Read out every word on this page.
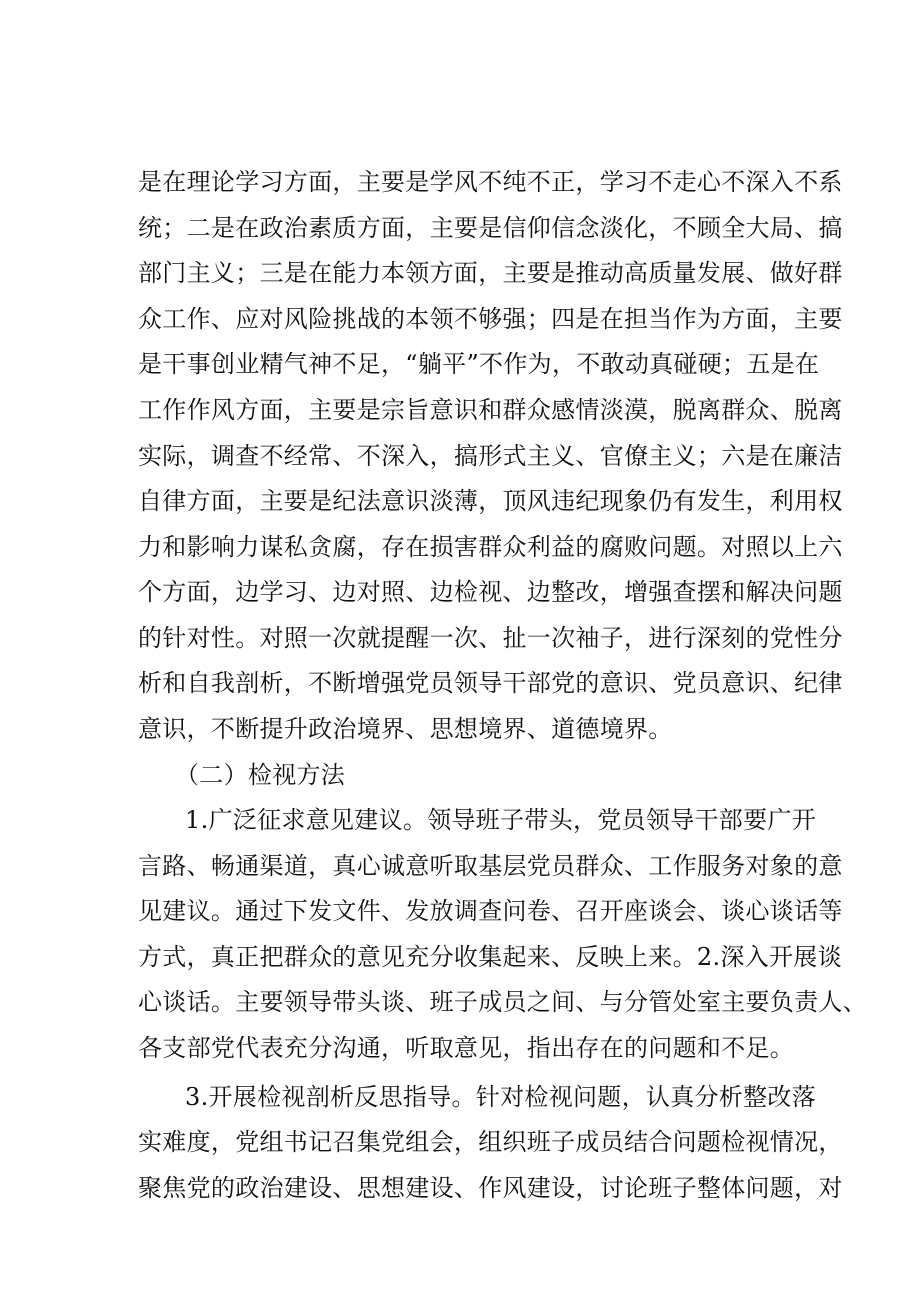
是在理论学习方面，主要是学风不纯不正，学习不走心不深入不系
统；二是在政治素质方面，主要是信仰信念淡化，不顾全大局、搞
部门主义；三是在能力本领方面，主要是推动高质量发展、做好群
众工作、应对风险挑战的本领不够强；四是在担当作为方面，主要
是干事创业精气神不足，“躺平”不作为，不敢动真碰硬；五是在
工作作风方面，主要是宗旨意识和群众感情淡漠，脱离群众、脱离
实际，调查不经常、不深入，搞形式主义、官僚主义；六是在廉洁
自律方面，主要是纪法意识淡薄，顶风违纪现象仍有发生，利用权
力和影响力谋私贪腐，存在损害群众利益的腐败问题。对照以上六
个方面，边学习、边对照、边检视、边整改，增强查摆和解决问题
的针对性。对照一次就提醒一次、扯一次袖子，进行深刻的党性分
析和自我剖析，不断增强党员领导干部党的意识、党员意识、纪律
意识，不断提升政治境界、思想境界、道德境界。
（二）检视方法
1.广泛征求意见建议。领导班子带头，党员领导干部要广开
言路、畅通渠道，真心诚意听取基层党员群众、工作服务对象的意
见建议。通过下发文件、发放调查问卷、召开座谈会、谈心谈话等
方式，真正把群众的意见充分收集起来、反映上来。2.深入开展谈
心谈话。主要领导带头谈、班子成员之间、与分管处室主要负责人、
各支部党代表充分沟通，听取意见，指出存在的问题和不足。
3.开展检视剖析反思指导。针对检视问题，认真分析整改落
实难度，党组书记召集党组会，组织班子成员结合问题检视情况，
聚焦党的政治建设、思想建设、作风建设，讨论班子整体问题，对
